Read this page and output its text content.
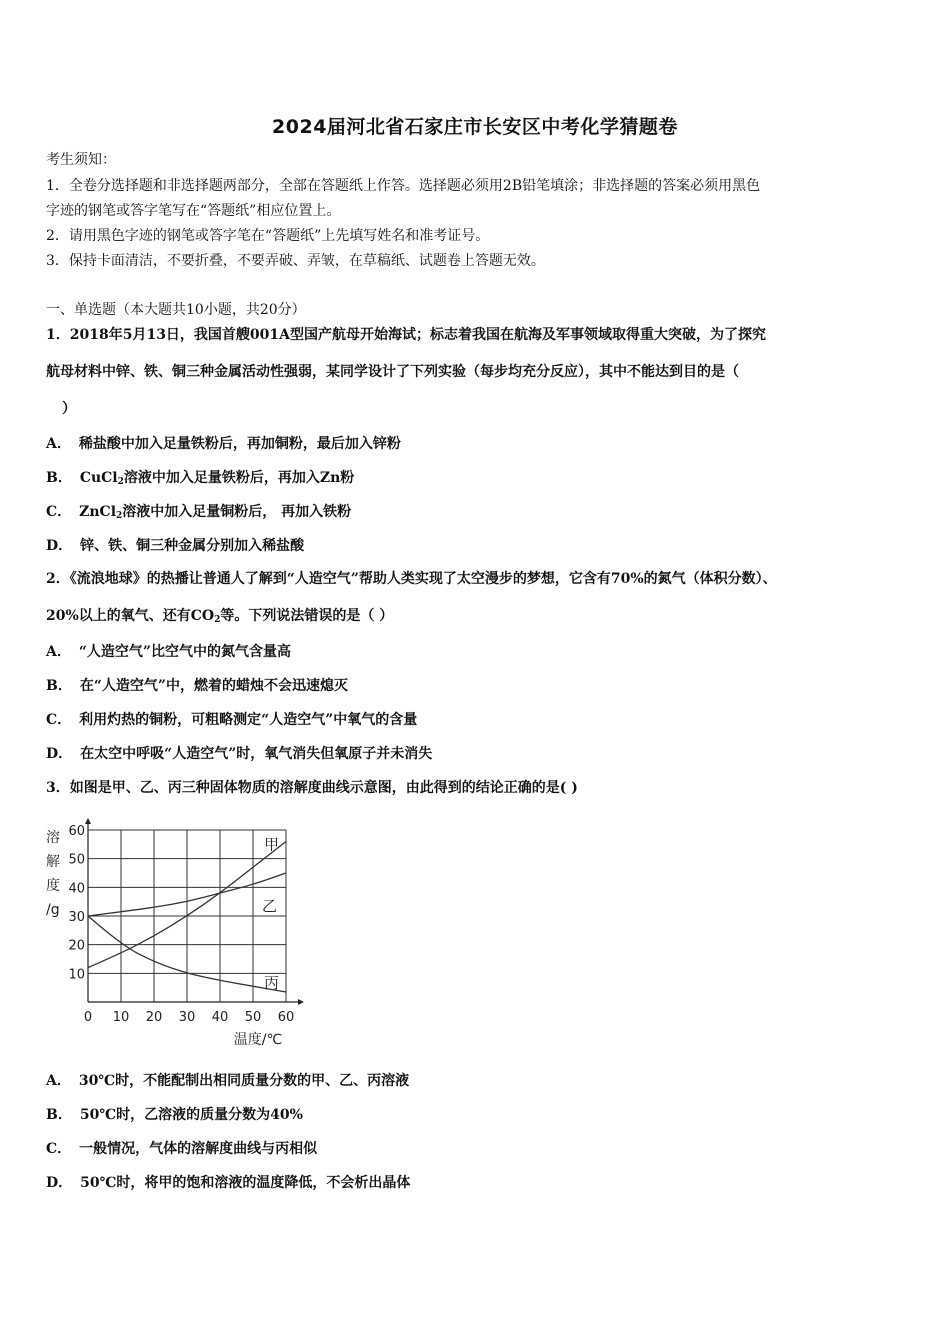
2024届河北省石家庄市长安区中考化学猜题卷
考生须知：
1．全卷分选择题和非选择题两部分，全部在答题纸上作答。选择题必须用2B铅笔填涂；非选择题的答案必须用黑色
字迹的钢笔或答字笔写在“答题纸”相应位置上。
2．请用黑色字迹的钢笔或答字笔在“答题纸”上先填写姓名和准考证号。
3．保持卡面清洁，不要折叠，不要弄破、弄皱，在草稿纸、试题卷上答题无效。
一、单选题（本大题共10小题，共20分）
1．2018年5月13日，我国首艘001A型国产航母开始海试；标志着我国在航海及军事领域取得重大突破，为了探究
航母材料中锌、铁、铜三种金属活动性强弱，某同学设计了下列实验（每步均充分反应），其中不能达到目的是（
）
A． 稀盐酸中加入足量铁粉后，再加铜粉，最后加入锌粉
B． CuCl$_2$溶液中加入足量铁粉后，再加入Zn粉
C． ZnCl$_2$溶液中加入足量铜粉后， 再加入铁粉
D． 锌、铁、铜三种金属分别加入稀盐酸
2．《流浪地球》的热播让普通人了解到“人造空气”帮助人类实现了太空漫步的梦想，它含有70%的氮气（体积分数）、
20%以上的氧气、还有$CO_2$等。下列说法错误的是（ ）
A． “人造空气”比空气中的氮气含量高
B． 在“人造空气”中，燃着的蜡烛不会迅速熄灭
C． 利用灼热的铜粉，可粗略测定“人造空气”中氧气的含量
D． 在太空中呼吸“人造空气”时，氧气消失但氧原子并未消失
3．如图是甲、乙、丙三种固体物质的溶解度曲线示意图，由此得到的结论正确的是( )
0 10 20 30 40 50 60
10
20
30
40
50
60
溶
解
度
/g
温度/℃
甲
乙
丙
A． 30℃时，不能配制出相同质量分数的甲、乙、丙溶液
B． 50℃时，乙溶液的质量分数为40%
C． 一般情况，气体的溶解度曲线与丙相似
D． 50℃时，将甲的饱和溶液的温度降低，不会析出晶体
